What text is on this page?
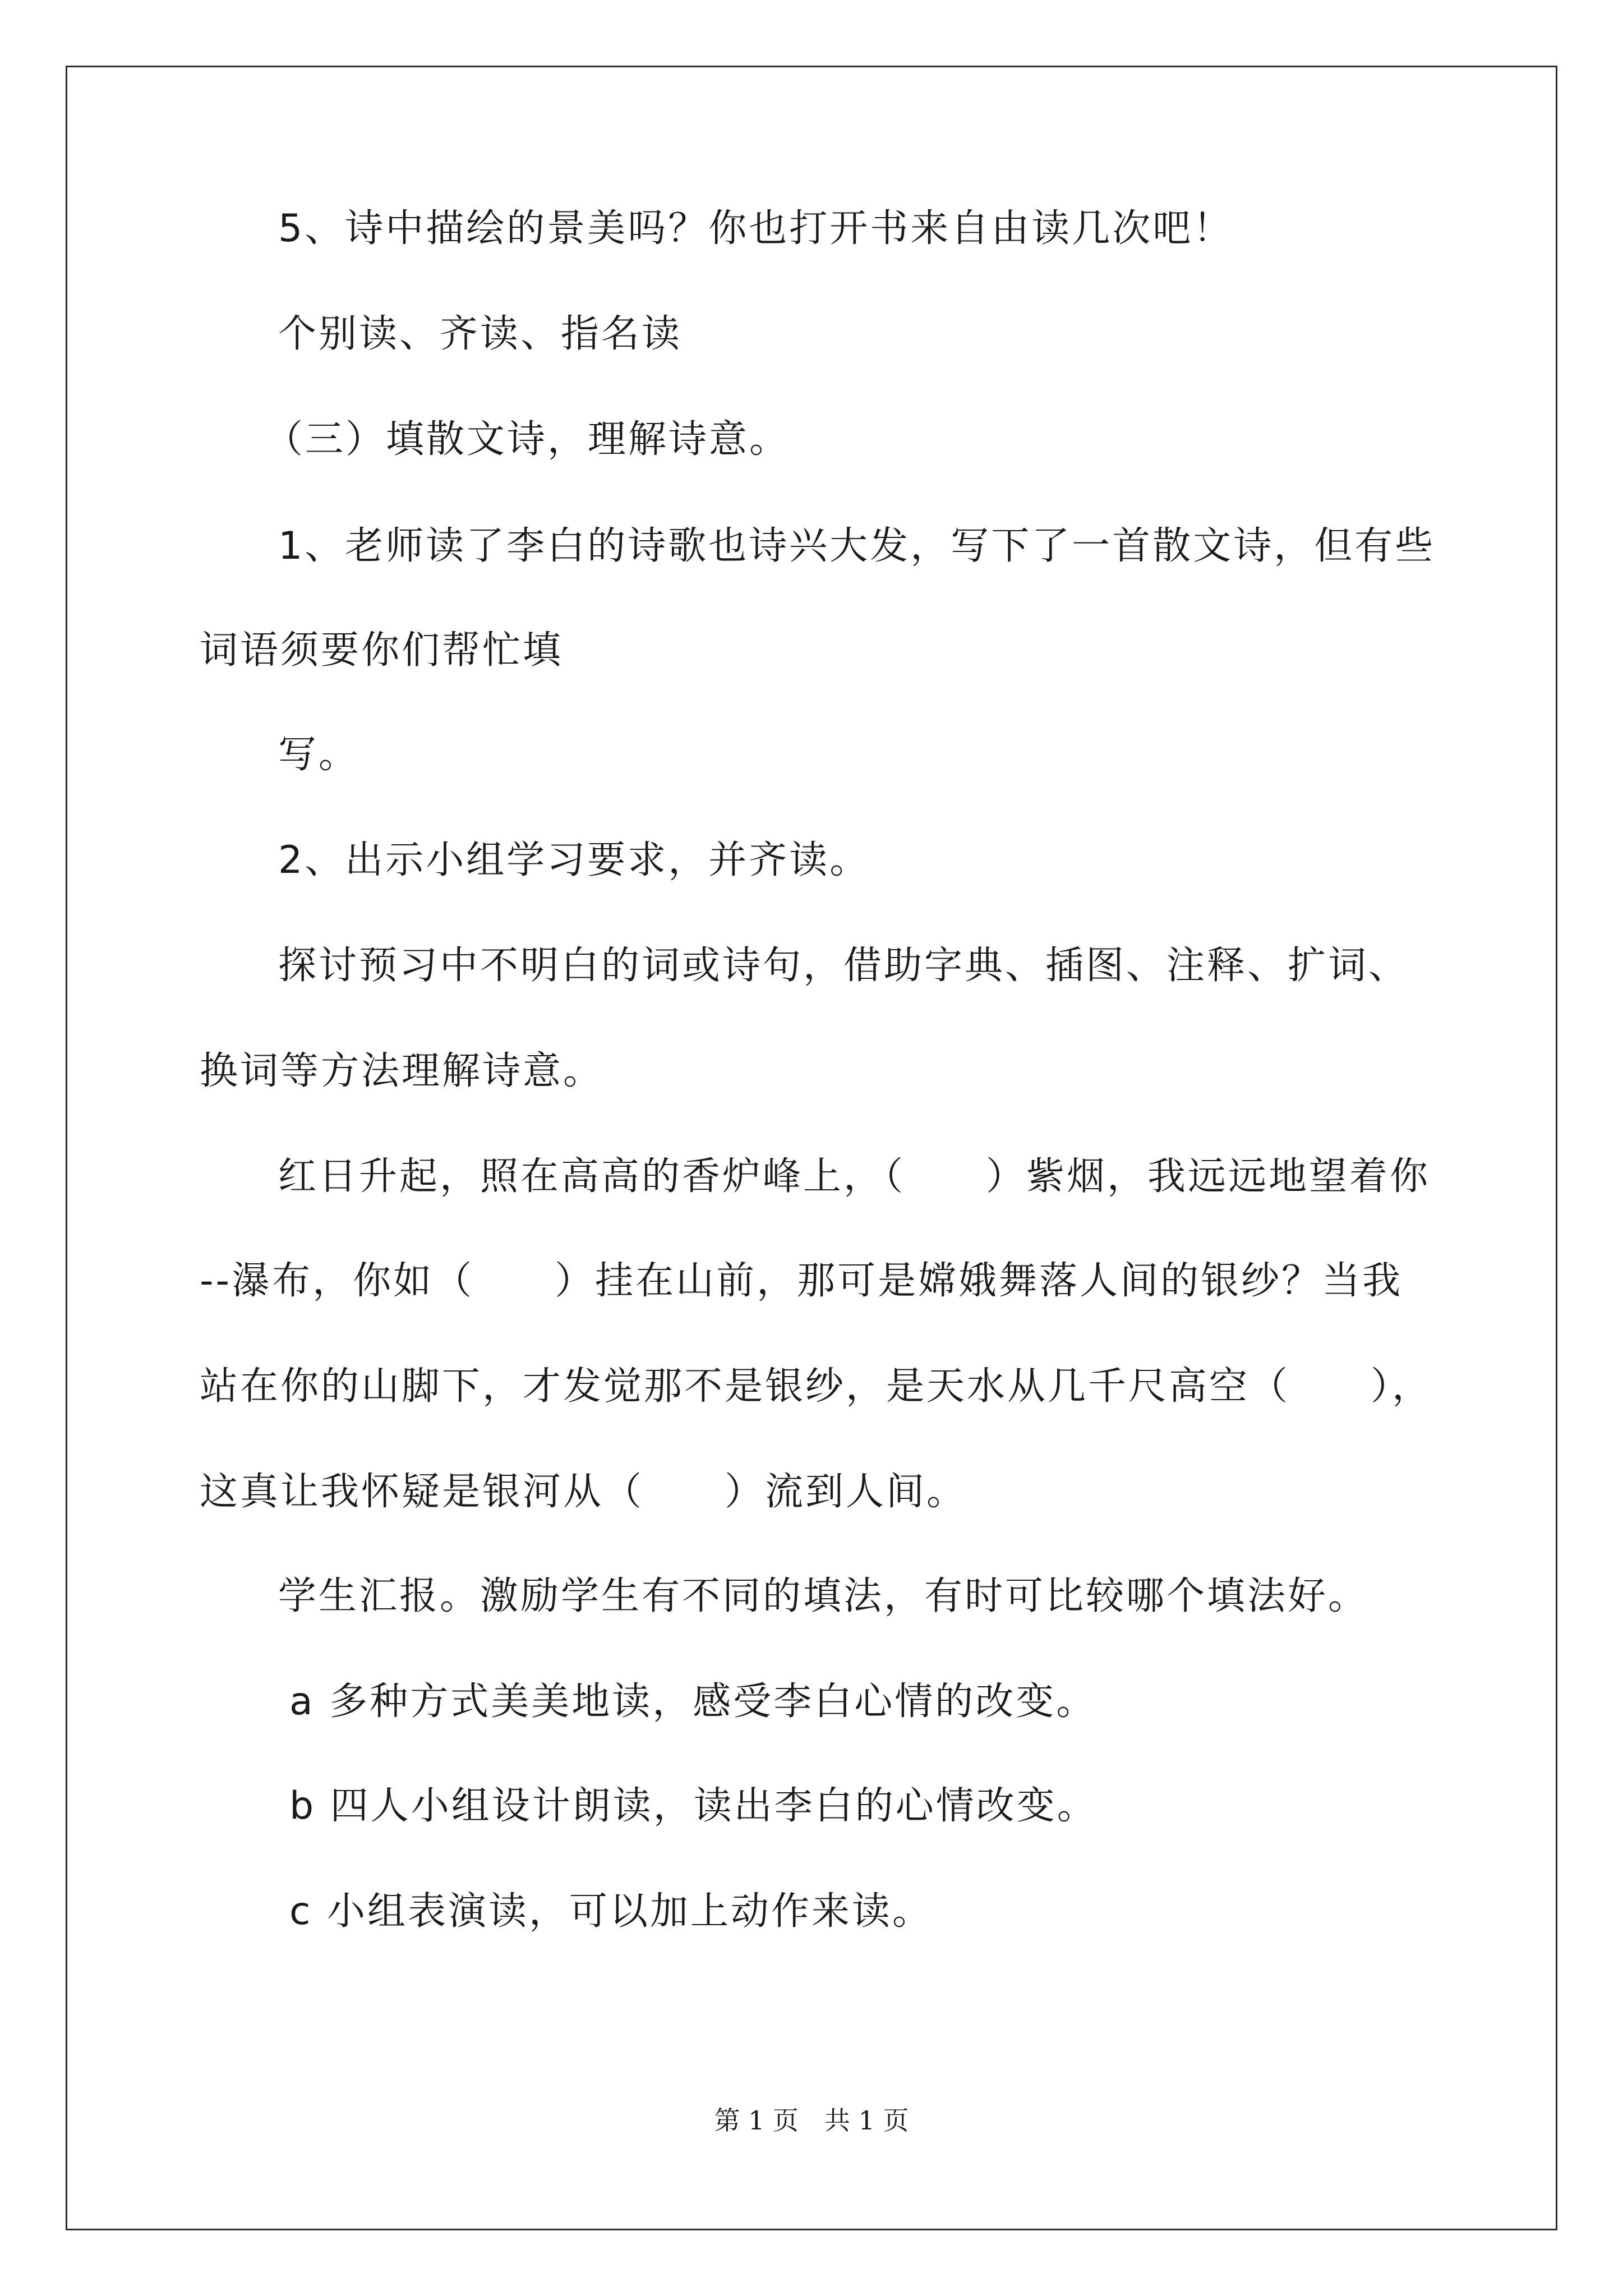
5、诗中描绘的景美吗？你也打开书来自由读几次吧！
个别读、齐读、指名读
（三）填散文诗，理解诗意。
1、老师读了李白的诗歌也诗兴大发，写下了一首散文诗，但有些
词语须要你们帮忙填
写。
2、出示小组学习要求，并齐读。
探讨预习中不明白的词或诗句，借助字典、插图、注释、扩词、
换词等方法理解诗意。
红日升起，照在高高的香炉峰上，（　　）紫烟，我远远地望着你
--瀑布，你如（　　）挂在山前，那可是嫦娥舞落人间的银纱？当我
站在你的山脚下，才发觉那不是银纱，是天水从几千尺高空（　　），
这真让我怀疑是银河从（　　）流到人间。
学生汇报。激励学生有不同的填法，有时可比较哪个填法好。
a 多种方式美美地读，感受李白心情的改变。
b 四人小组设计朗读，读出李白的心情改变。
c 小组表演读，可以加上动作来读。
第 1 页　共 1 页
